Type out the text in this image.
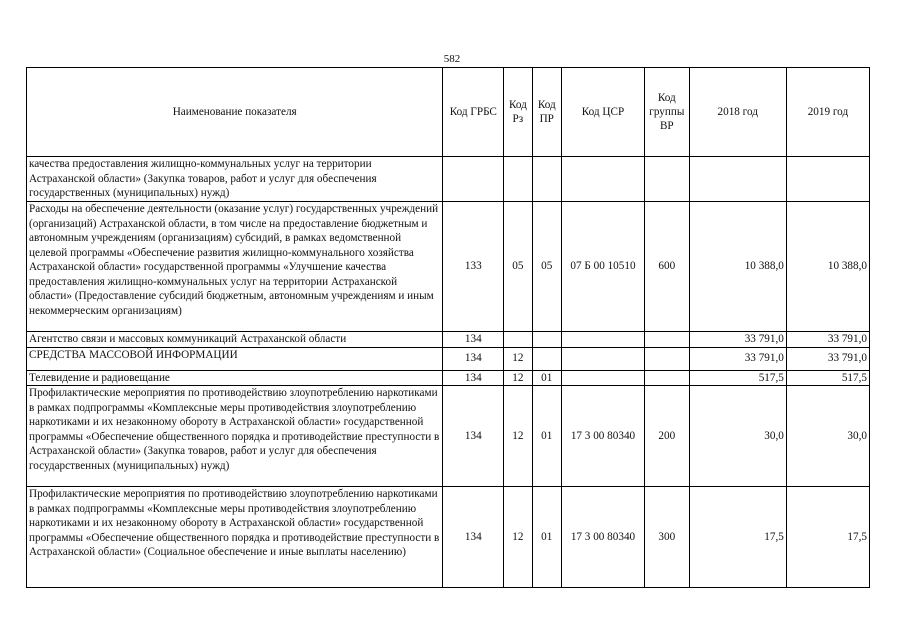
582
Наименование показателя	Код ГРБС	Код Рз	Код ПР	Код ЦСР	Код группы ВР	2018 год	2019 год
качества предоставления жилищно-коммунальных услуг на территории Астраханской области» (Закупка товаров, работ и услуг для обеспечения государственных (муниципальных) нужд)							
Расходы на обеспечение деятельности (оказание услуг) государственных учреждений (организаций) Астраханской области, в том числе на предоставление бюджетным и автономным учреждениям (организациям) субсидий, в рамках ведомственной целевой программы «Обеспечение развития жилищно-коммунального хозяйства Астраханской области» государственной программы «Улучшение качества предоставления жилищно-коммунальных услуг на территории Астраханской области» (Предоставление субсидий бюджетным, автономным учреждениям и иным некоммерческим организациям)	133	05	05	07 Б 00 10510	600	10 388,0	10 388,0
Агентство связи и массовых коммуникаций Астраханской области	134					33 791,0	33 791,0
СРЕДСТВА МАССОВОЙ ИНФОРМАЦИИ	134	12				33 791,0	33 791,0
Телевидение и радиовещание	134	12	01			517,5	517,5
Профилактические мероприятия по противодействию злоупотреблению наркотиками в рамках подпрограммы «Комплексные меры противодействия злоупотреблению наркотиками и их незаконному обороту в Астраханской области» государственной программы «Обеспечение общественного порядка и противодействие преступности в Астраханской области» (Закупка товаров, работ и услуг для обеспечения государственных (муниципальных) нужд)	134	12	01	17 3 00 80340	200	30,0	30,0
Профилактические мероприятия по противодействию злоупотреблению наркотиками в рамках подпрограммы «Комплексные меры противодействия злоупотреблению наркотиками и их незаконному обороту в Астраханской области» государственной программы «Обеспечение общественного порядка и противодействие преступности в Астраханской области» (Социальное обеспечение и иные выплаты населению)	134	12	01	17 3 00 80340	300	17,5	17,5
